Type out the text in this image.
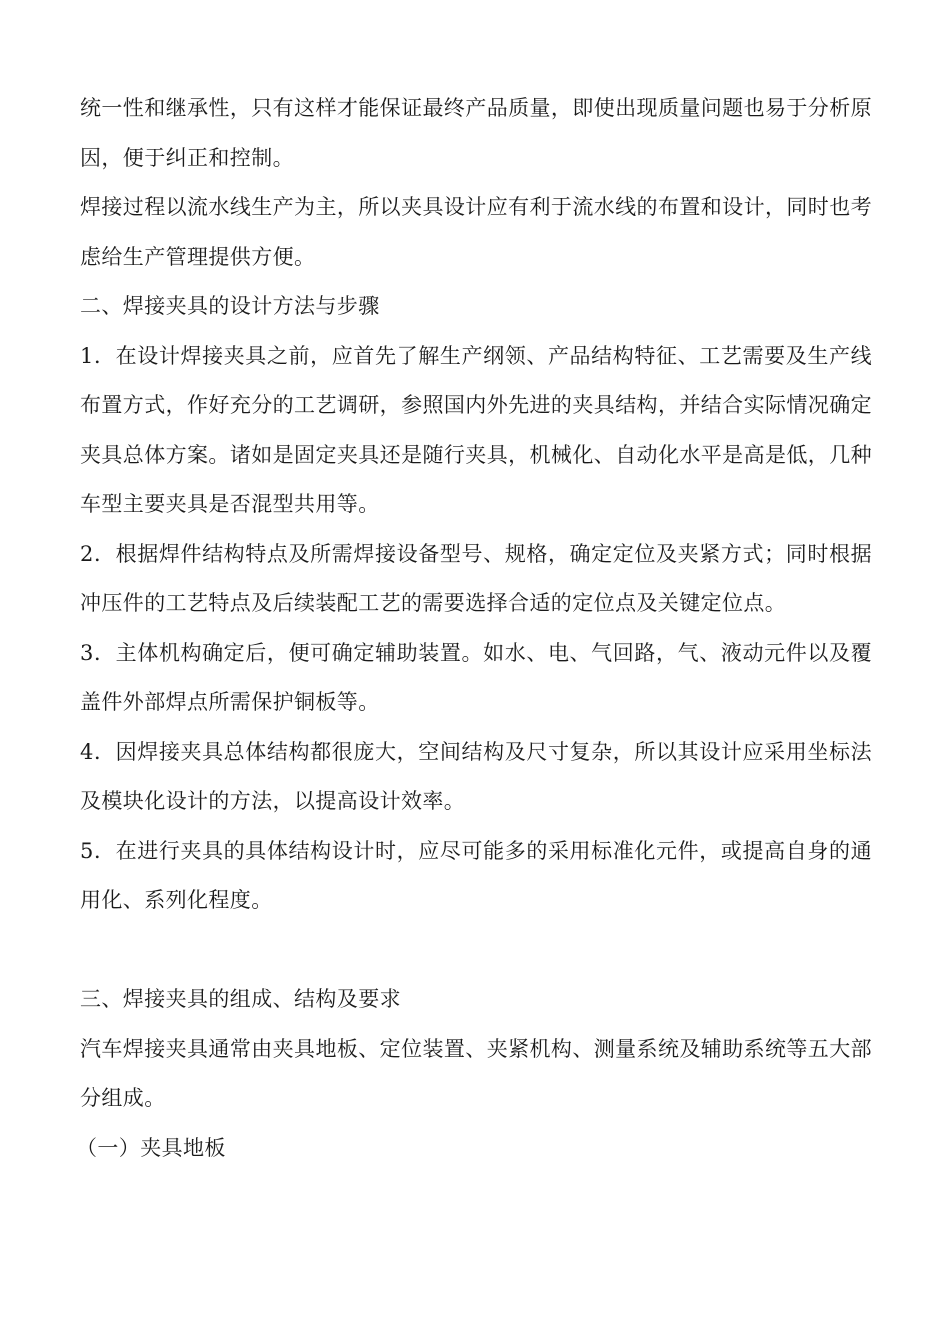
统一性和继承性，只有这样才能保证最终产品质量，即使出现质量问题也易于分析原因，便于纠正和控制。

焊接过程以流水线生产为主，所以夹具设计应有利于流水线的布置和设计，同时也考虑给生产管理提供方便。

二、焊接夹具的设计方法与步骤

1．在设计焊接夹具之前，应首先了解生产纲领、产品结构特征、工艺需要及生产线布置方式，作好充分的工艺调研，参照国内外先进的夹具结构，并结合实际情况确定夹具总体方案。诸如是固定夹具还是随行夹具，机械化、自动化水平是高是低，几种车型主要夹具是否混型共用等。

2．根据焊件结构特点及所需焊接设备型号、规格，确定定位及夹紧方式；同时根据冲压件的工艺特点及后续装配工艺的需要选择合适的定位点及关键定位点。

3．主体机构确定后，便可确定辅助装置。如水、电、气回路，气、液动元件以及覆盖件外部焊点所需保护铜板等。

4．因焊接夹具总体结构都很庞大，空间结构及尺寸复杂，所以其设计应采用坐标法及模块化设计的方法，以提高设计效率。

5．在进行夹具的具体结构设计时，应尽可能多的采用标准化元件，或提高自身的通用化、系列化程度。

三、焊接夹具的组成、结构及要求

汽车焊接夹具通常由夹具地板、定位装置、夹紧机构、测量系统及辅助系统等五大部分组成。

（一）夹具地板
